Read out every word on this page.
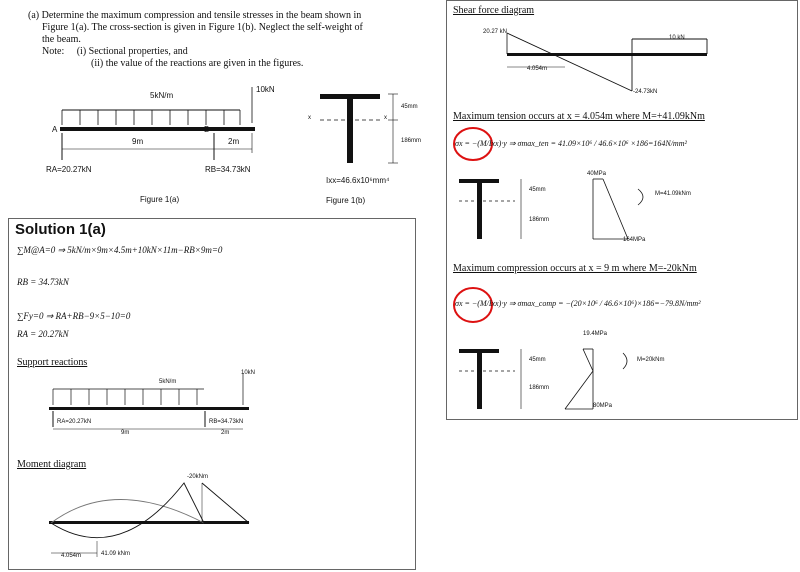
(a) Determine the maximum compression and tensile stresses in the beam shown in
Figure 1(a). The cross-section is given in Figure 1(b). Neglect the self-weight of
the beam.
Note: (i) Sectional properties, and
(ii) the value of the reactions are given in the figures.
5kN/m
10kN
A	B
9m	2m
RA=20.27kN	RB=34.73kN
Figure 1(a)
x	x
45mm
186mm
Ixx=46.6x10⁶mm⁴
Figure 1(b)
Solution 1(a)
∑M@A=0 ⇒ 5kN/m×9m×4.5m+10kN×11m−RB×9m=0
RB = 34.73kN
∑Fy=0 ⇒ RA+RB−9×5−10=0
RA = 20.27kN
Support reactions
5kN/m
10kN
RA=20.27kN	RB=34.73kN
9m	2m
Moment diagram
-20kNm
41.09 kNm
4.054m
Shear force diagram
20.27 kN
10 kN
4.054m
-24.73kN
Maximum tension occurs at x = 4.054m where M=+41.09kNm
σx = −(M/Ixx)·y ⇒ σmax_ten = 41.09×10⁶ / 46.6×10⁶ ×186=164N/mm²
40MPa
M=41.09kNm
45mm
186mm
164MPa
Maximum compression occurs at x = 9 m where M=-20kNm
σx = −(M/Ixx)·y ⇒ σmax_comp = −(20×10⁶ / 46.6×10⁶)×186=−79.8N/mm²
19.4MPa
M=20kNm
45mm
186mm
80MPa
